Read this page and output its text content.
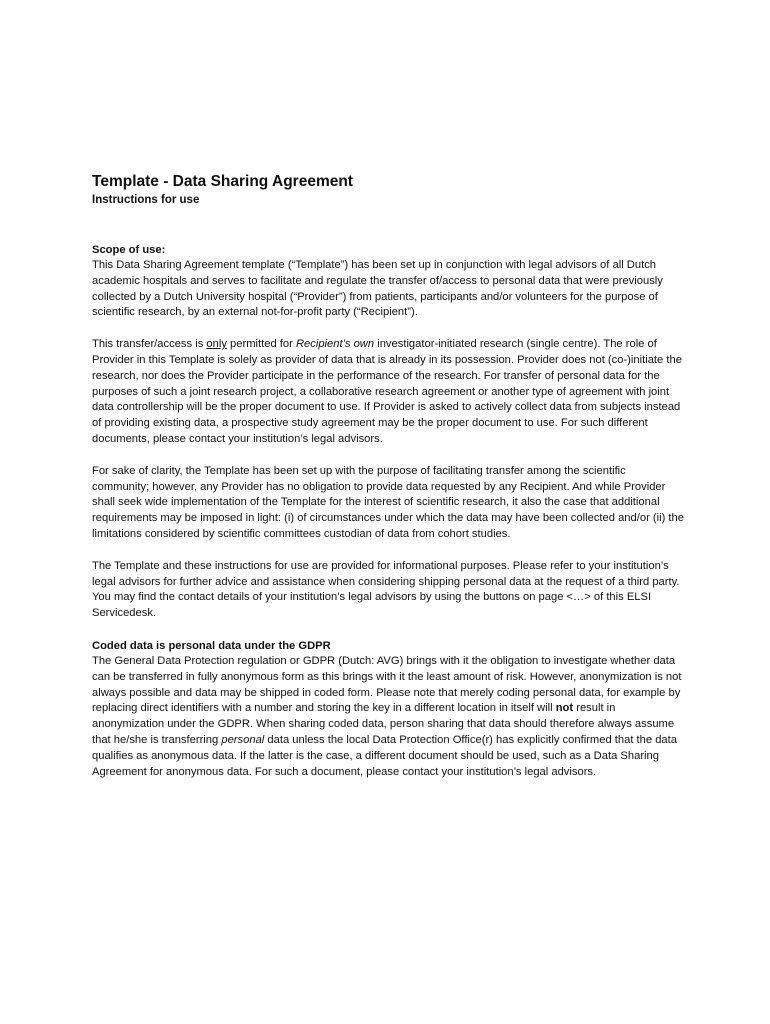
Template - Data Sharing Agreement
Instructions for use
Scope of use:

This Data Sharing Agreement template (“Template”) has been set up in conjunction with legal advisors of all Dutch academic hospitals and serves to facilitate and regulate the transfer of/access to personal data that were previously collected by a Dutch University hospital (“Provider”) from patients, participants and/or volunteers for the purpose of scientific research, by an external not-for-profit party (“Recipient”).

This transfer/access is only permitted for Recipient’s own investigator-initiated research (single centre). The role of Provider in this Template is solely as provider of data that is already in its possession. Provider does not (co-)initiate the research, nor does the Provider participate in the performance of the research. For transfer of personal data for the purposes of such a joint research project, a collaborative research agreement or another type of agreement with joint data controllership will be the proper document to use. If Provider is asked to actively collect data from subjects instead of providing existing data, a prospective study agreement may be the proper document to use. For such different documents, please contact your institution’s legal advisors.

For sake of clarity, the Template has been set up with the purpose of facilitating transfer among the scientific community; however, any Provider has no obligation to provide data requested by any Recipient. And while Provider shall seek wide implementation of the Template for the interest of scientific research, it also the case that additional requirements may be imposed in light: (i) of circumstances under which the data may have been collected and/or (ii) the limitations considered by scientific committees custodian of data from cohort studies.

The Template and these instructions for use are provided for informational purposes. Please refer to your institution’s legal advisors for further advice and assistance when considering shipping personal data at the request of a third party. You may find the contact details of your institution’s legal advisors by using the buttons on page <…> of this ELSI Servicedesk.

Coded data is personal data under the GDPR

The General Data Protection regulation or GDPR (Dutch: AVG) brings with it the obligation to investigate whether data can be transferred in fully anonymous form as this brings with it the least amount of risk. However, anonymization is not always possible and data may be shipped in coded form. Please note that merely coding personal data, for example by replacing direct identifiers with a number and storing the key in a different location in itself will not result in anonymization under the GDPR. When sharing coded data, person sharing that data should therefore always assume that he/she is transferring personal data unless the local Data Protection Office(r) has explicitly confirmed that the data qualifies as anonymous data. If the latter is the case, a different document should be used, such as a Data Sharing Agreement for anonymous data. For such a document, please contact your institution’s legal advisors.
